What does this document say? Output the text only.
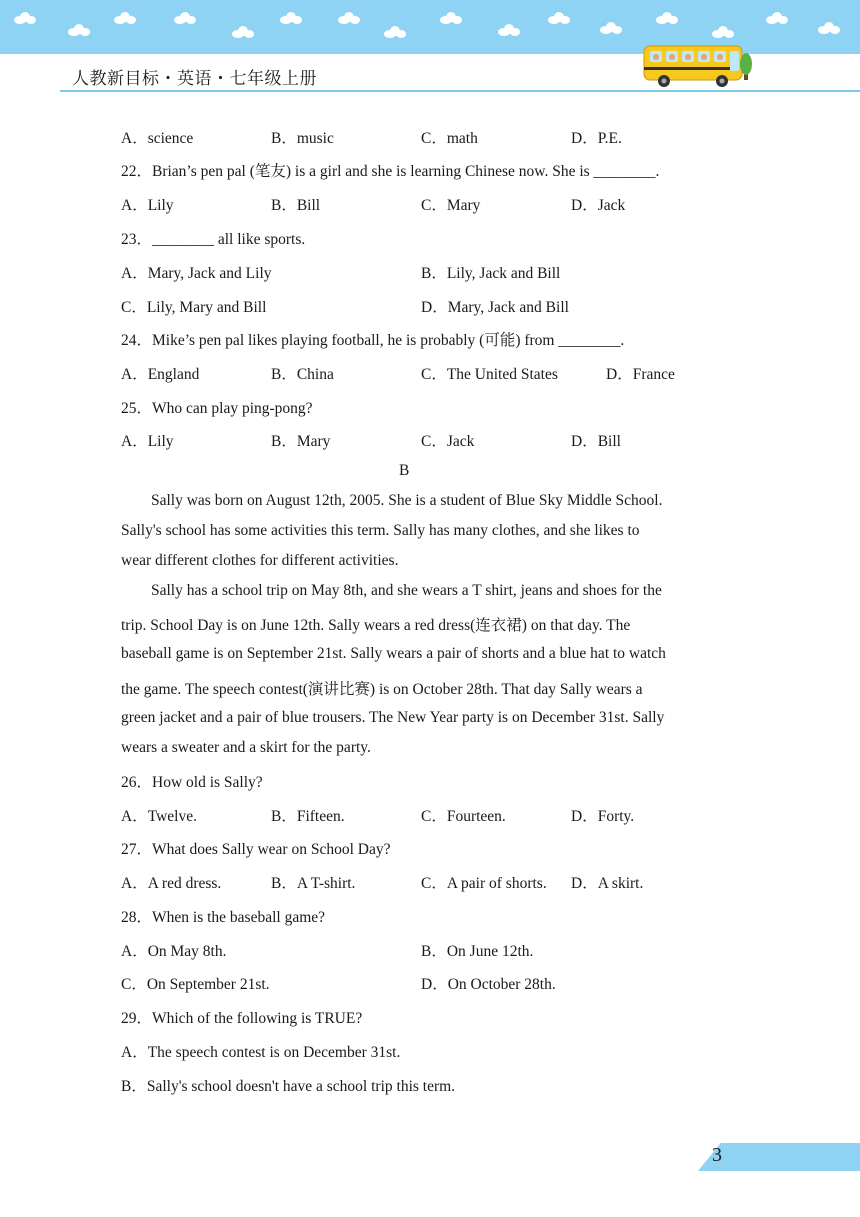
人教新目标・英语・七年级上册
A．science	B．music	C．math	D．P.E.
22．Brian’s pen pal (笔友) is a girl and she is learning Chinese now. She is ________.
A．Lily	B．Bill	C．Mary	D．Jack
23．________ all like sports.
A．Mary, Jack and Lily	B．Lily, Jack and Bill
C．Lily, Mary and Bill	D．Mary, Jack and Bill
24．Mike’s pen pal likes playing football, he is probably (可能) from ________.
A．England	B．China	C．The United States	D．France
25．Who can play ping-pong?
A．Lily	B．Mary	C．Jack	D．Bill
B
Sally was born on August 12th, 2005. She is a student of Blue Sky Middle School.
Sally's school has some activities this term. Sally has many clothes, and she likes to
wear different clothes for different activities.
Sally has a school trip on May 8th, and she wears a T shirt, jeans and shoes for the
trip. School Day is on June 12th. Sally wears a red dress(连衣裙) on that day. The
baseball game is on September 21st. Sally wears a pair of shorts and a blue hat to watch
the game. The speech contest(演讲比赛) is on October 28th. That day Sally wears a
green jacket and a pair of blue trousers. The New Year party is on December 31st. Sally
wears a sweater and a skirt for the party.
26．How old is Sally?
A．Twelve.	B．Fifteen.	C．Fourteen.	D．Forty.
27．What does Sally wear on School Day?
A．A red dress.	B．A T-shirt.	C．A pair of shorts. D．A skirt.
28．When is the baseball game?
A．On May 8th.	B．On June 12th.
C．On September 21st.	D．On October 28th.
29．Which of the following is TRUE?
A．The speech contest is on December 31st.
B．Sally's school doesn't have a school trip this term.
3
